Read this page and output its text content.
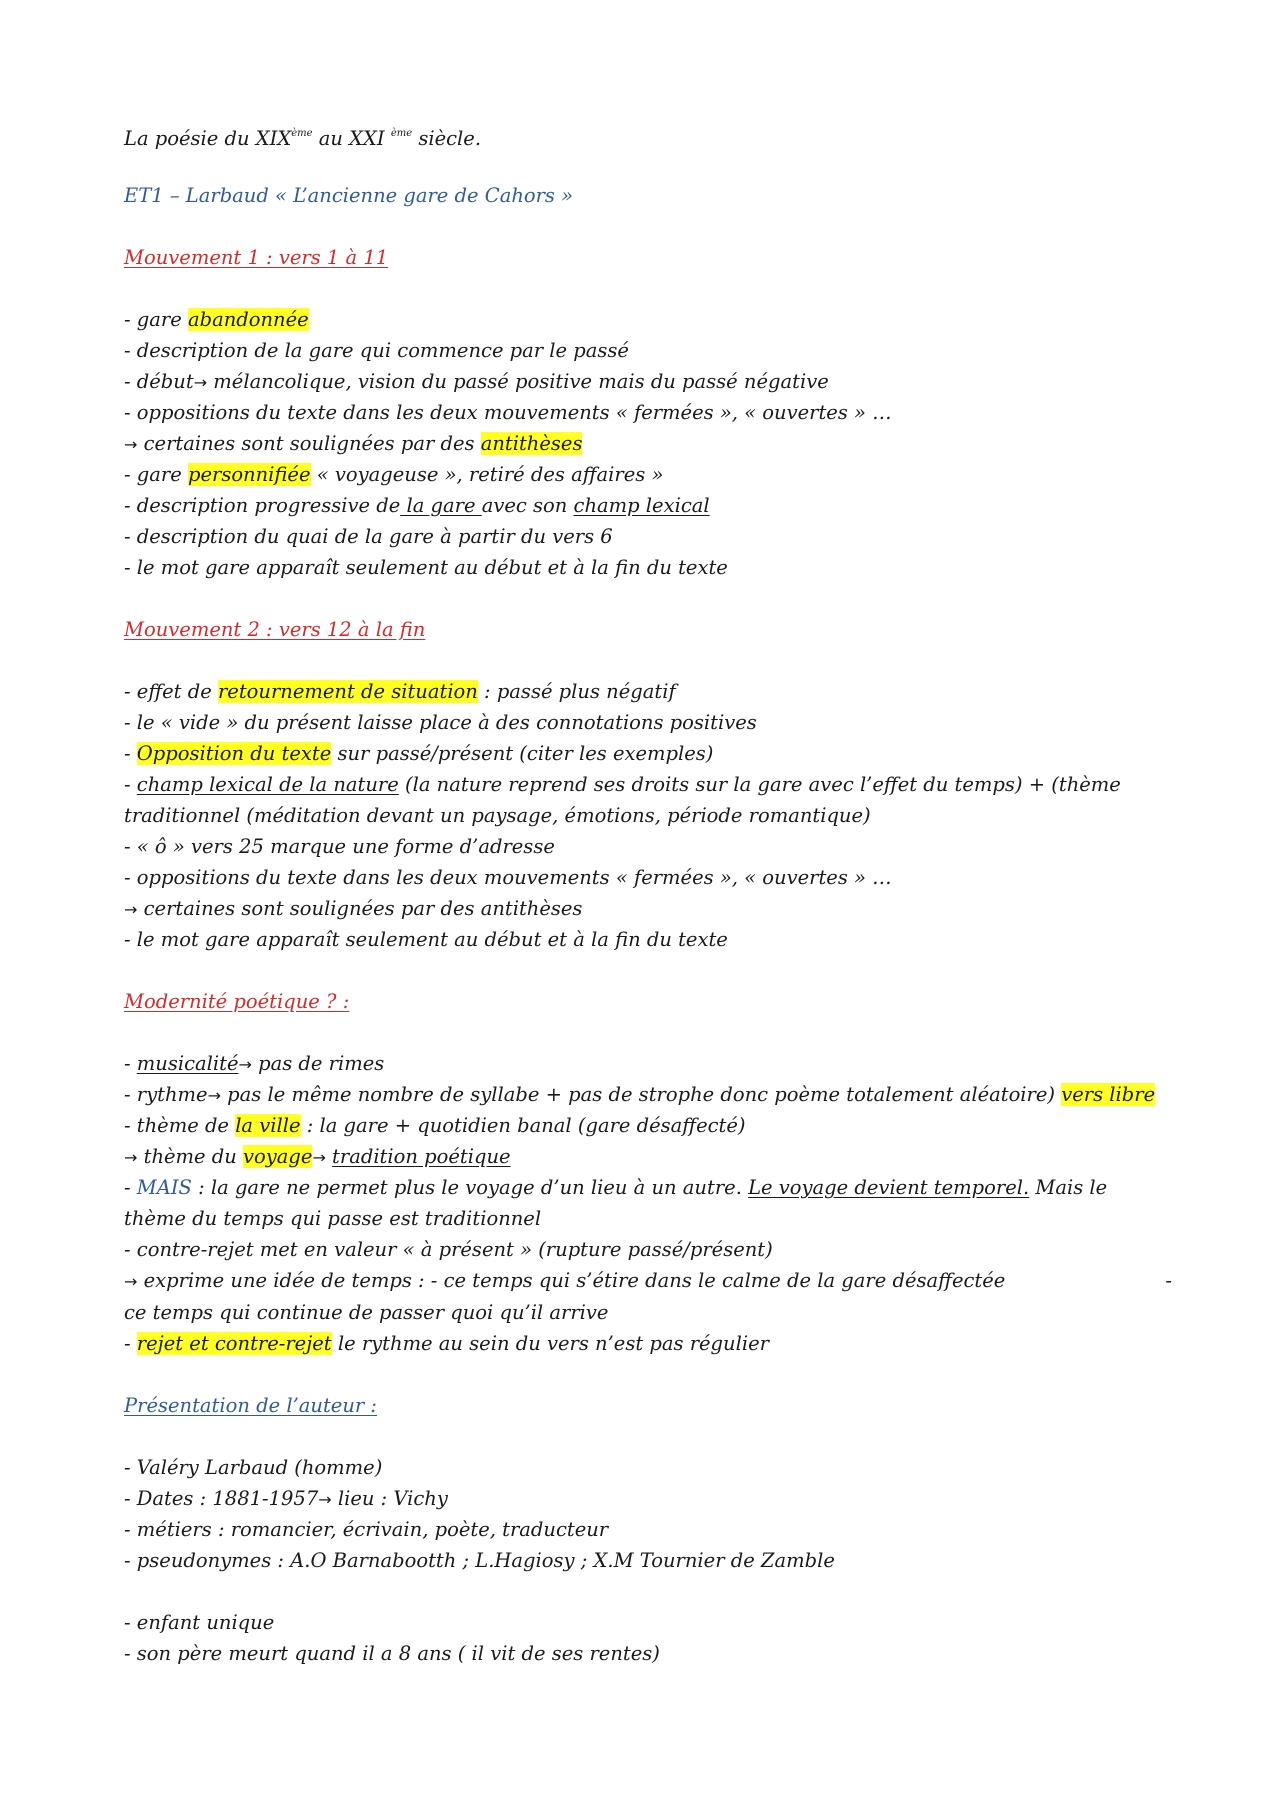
La poésie du XIXème au XXI $^{ème}$ siècle.
ET1 – Larbaud « L’ancienne gare de Cahors »
Mouvement 1 : vers 1 à 11
- gare abandonnée
- description de la gare qui commence par le passé
- début→ mélancolique, vision du passé positive mais du passé négative
- oppositions du texte dans les deux mouvements « fermées », « ouvertes » …
→ certaines sont soulignées par des antithèses
- gare personnifiée « voyageuse », retiré des affaires »
- description progressive de la gare avec son champ lexical
- description du quai de la gare à partir du vers 6
- le mot gare apparaît seulement au début et à la fin du texte
Mouvement 2 : vers 12 à la fin
- effet de retournement de situation : passé plus négatif
- le « vide » du présent laisse place à des connotations positives
- Opposition du texte sur passé/présent (citer les exemples)
- champ lexical de la nature (la nature reprend ses droits sur la gare avec l’effet du temps) + (thème traditionnel (méditation devant un paysage, émotions, période romantique)
- « ô » vers 25 marque une forme d’adresse
- oppositions du texte dans les deux mouvements « fermées », « ouvertes » …
→ certaines sont soulignées par des antithèses
- le mot gare apparaît seulement au début et à la fin du texte
Modernité poétique ? :
- musicalité→ pas de rimes
- rythme→ pas le même nombre de syllabe + pas de strophe donc poème totalement aléatoire) vers libre
- thème de la ville : la gare + quotidien banal (gare désaffecté)
→ thème du voyage→ tradition poétique
- MAIS : la gare ne permet plus le voyage d’un lieu à un autre. Le voyage devient temporel. Mais le thème du temps qui passe est traditionnel
- contre-rejet met en valeur « à présent » (rupture passé/présent)
→ exprime une idée de temps : - ce temps qui s’étire dans le calme de la gare désaffectée	- ce temps qui continue de passer quoi qu’il arrive
- rejet et contre-rejet le rythme au sein du vers n’est pas régulier
Présentation de l’auteur :
- Valéry Larbaud (homme)
- Dates : 1881-1957→ lieu : Vichy
- métiers : romancier, écrivain, poète, traducteur
- pseudonymes : A.O Barnabootth ; L.Hagiosy ; X.M Tournier de Zamble
- enfant unique
- son père meurt quand il a 8 ans ( il vit de ses rentes)
